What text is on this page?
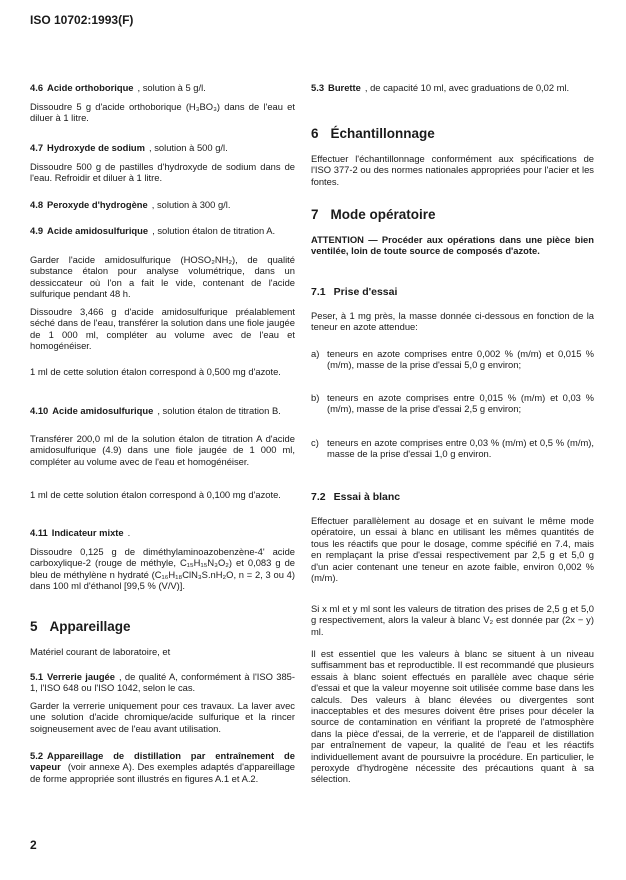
ISO 10702:1993(F)

4.6 Acide orthoborique , solution à 5 g/l.

Dissoudre 5 g d'acide orthoborique (H₃BO₃) dans de l'eau et diluer à 1 litre.

4.7 Hydroxyde de sodium , solution à 500 g/l.

Dissoudre 500 g de pastilles d'hydroxyde de sodium dans de l'eau. Refroidir et diluer à 1 litre.

4.8 Peroxyde d'hydrogène , solution à 300 g/l.

4.9 Acide amidosulfurique , solution étalon de titration A.

Garder l'acide amidosulfurique (HOSO₂NH₂), de qualité substance étalon pour analyse volumétrique, dans un dessiccateur où l'on a fait le vide, contenant de l'acide sulfurique pendant 48 h.

Dissoudre 3,466 g d'acide amidosulfurique préalablement séché dans de l'eau, transférer la solution dans une fiole jaugée de 1 000 ml, compléter au volume avec de l'eau et homogénéiser.

1 ml de cette solution étalon correspond à 0,500 mg d'azote.

4.10 Acide amidosulfurique , solution étalon de titration B.

Transférer 200,0 ml de la solution étalon de titration A d'acide amidosulfurique (4.9) dans une fiole jaugée de 1 000 ml, compléter au volume avec de l'eau et homogénéiser.

1 ml de cette solution étalon correspond à 0,100 mg d'azote.

4.11 Indicateur mixte .

Dissoudre 0,125 g de diméthylaminoazobenzène-4' acide carboxylique-2 (rouge de méthyle, C₁₅H₁₅N₃O₂) et 0,083 g de bleu de méthylène n hydraté (C₁₆H₁₈ClN₃S.nH₂O, n = 2, 3 ou 4) dans 100 ml d'éthanol [99,5 % (V/V)].

5 Appareillage

Matériel courant de laboratoire, et

5.1 Verrerie jaugée , de qualité A, conformément à l'ISO 385-1, l'ISO 648 ou l'ISO 1042, selon le cas.

Garder la verrerie uniquement pour ces travaux. La laver avec une solution d'acide chromique/acide sulfurique et la rincer soigneusement avec de l'eau avant utilisation.

5.2 Appareillage de distillation par entraînement de vapeur (voir annexe A). Des exemples adaptés d'appareillage de forme appropriée sont illustrés en figures A.1 et A.2.

5.3 Burette , de capacité 10 ml, avec graduations de 0,02 ml.

6 Échantillonnage

Effectuer l'échantillonnage conformément aux spécifications de l'ISO 377-2 ou des normes nationales appropriées pour l'acier et les fontes.

7 Mode opératoire

ATTENTION — Procéder aux opérations dans une pièce bien ventilée, loin de toute source de composés d'azote.

7.1 Prise d'essai

Peser, à 1 mg près, la masse donnée ci-dessous en fonction de la teneur en azote attendue:

a) teneurs en azote comprises entre 0,002 % (m/m) et 0,015 % (m/m), masse de la prise d'essai 5,0 g environ;
b) teneurs en azote comprises entre 0,015 % (m/m) et 0,03 % (m/m), masse de la prise d'essai 2,5 g environ;
c) teneurs en azote comprises entre 0,03 % (m/m) et 0,5 % (m/m), masse de la prise d'essai 1,0 g environ.
7.2 Essai à blanc

Effectuer parallèlement au dosage et en suivant le même mode opératoire, un essai à blanc en utilisant les mêmes quantités de tous les réactifs que pour le dosage, comme spécifié en 7.4, mais en remplaçant la prise d'essai respectivement par 2,5 g et 5,0 g d'un acier contenant une teneur en azote faible, environ 0,002 % (m/m).

Si x ml et y ml sont les valeurs de titration des prises de 2,5 g et 5,0 g respectivement, alors la valeur à blanc V₂ est donnée par (2x − y) ml.

Il est essentiel que les valeurs à blanc se situent à un niveau suffisamment bas et reproductible. Il est recommandé que plusieurs essais à blanc soient effectués en parallèle avec chaque série d'essai et que la valeur moyenne soit utilisée comme base dans les calculs. Des valeurs à blanc élevées ou divergentes sont inacceptables et des mesures doivent être prises pour déceler la source de contamination en vérifiant la propreté de l'atmosphère dans la pièce d'essai, de la verrerie, et de l'appareil de distillation par entraînement de vapeur, la qualité de l'eau et les réactifs individuellement avant de poursuivre la procédure. En particulier, le peroxyde d'hydrogène nécessite des précautions quant à sa sélection.

2
